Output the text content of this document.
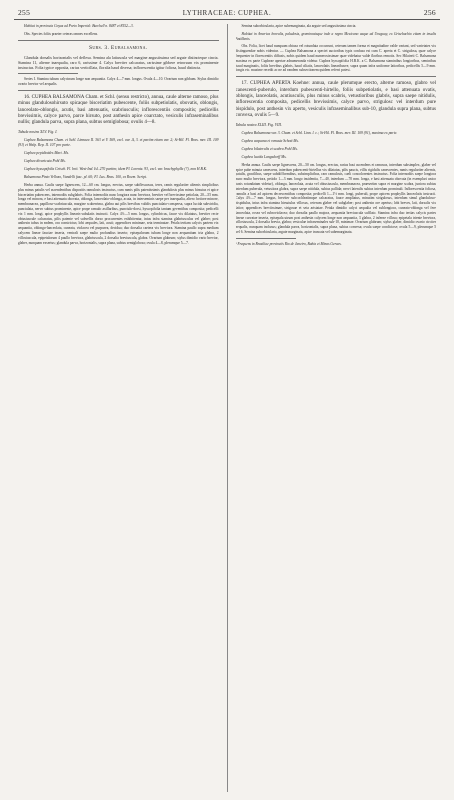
255	LYTHRACEAE: CUPHEA.	256

Habitat in provincia Goyaz ad Porto Imperial: Burchell n. 8487 et 8552—3.

Obs. Species foliis praeter ceteras omnes excellens.

Subs. 3. Eubalsamona.

Glandula dorsalis horizontalis vel deflexa. Semina ala latiuscula vel margine angustissima sed argute distincteque cincta. Stamina 11, alterne inaequalia, raro 6, rarissime 4. Calyx breviter calcaratus, rarissime gibbere retrorsum vix prominente instructus. Folia typice opposita, rarius verticillata, floralia haud diversa; inflorescentia igitur foliosa, haud distincta.

Series I. Stamina tubum calycinum longe non aequantia. Calyx 4—7 mm. longus. Ovula 4—10. Ovarium non gibbum. Stylus dimidio ovario brevior vel aequalis.

16. CUPHEA BALSAMONA Cham. et Schl. (sensu restricto), annua, caule alterne ramoso, plus minus glandulosohirsuto spicaque bisceriatim pubescente, foliis subpetiolatis, obovatis, oblongis, lanceolato-oblongis, acutis, basi attenuatis, scabriusculis; inflorescentiis compositis; pedicellis brevissimis, calyce parvo, parce hirsuto, post anthesin apice coarctato, vesiculis infraseminalibus nullis; glandula parva, supra plana, subtus semiglobosa; ovulis 4—8.

Tabula nostra XLV. Fig. I.

Cuphea Balsamona Cham. et Schl. Linnaea II. 363 et V. 569, excl. var. Δ, 3. et partim etiam var. 2; St-Hil. Fl. Bras. mer. III. 109 (91) et Walp. Rep. II. 107 pro parte.

Cuphea pepidioides Mart. Ms.

Cuphea divaricata Pohl Ms.

Cuphea hyssopifolia Griseb. Fl. brit. West-Ind. Isl. 270 partim; idem Pl. Lorentz. 93, excl. var. brachyphylla (?), non H.B.K.

Balsamona Pinto Vellozo, Vandelli fasc. pl. 60; Fl. Lus. Bras. 100, ex Roem. Script.

Herba annua. Caulis saepe lignescens, 12—60 cm. longus, erectus, saepe subflexuosus, teres, ramis regulariter alternis simplicibus plus minus patulis vel ascendentibus dispositis ramulosis instructus, cum ramis pilis patentissimis glandulosis plus minus hirsutus et apice bisceriatim pubescens, internodiis subglabris. Folia internodiis nunc longiora nunc breviora, breviter vel brevissime petiolata, 20—55 mm. longa vel minora, e basi attenuata obovata, oblonga, lanceolato-oblonga, acuta, in interseminis saepe per inaequalia, altero fortiore minore, membranacea, papilloso-scabriuscula, margine scaberrima, glabra aut pilis brevibus validis punctulato-conspersa, supra lucida subviridia, punctulata, nervo subtus prominente, apice prope ramulo axillaribus, punctulo-dorsi, hyssopifolia tantum geventibus composita; pedicelli vix 1 mm. longi, apice prophyllis linearis-subulatis instructi. Calyx 4½—5 mm. longus, cylindricus, fauce vix dilatatus, breviter recte obtusiuscule calcaratus, pilis patente vel subvellis dorso procurrentes exhibitentur, intus infra stamina glabriusculus vel glaber; post anthesin tubus in eadem, ora constrictus; lobi aequales, lati, acuti; appendices minimae, seta terminatae. Petala tertiam calycis partem vix aequantia, oblongo-lanceolata, cuneata, violacea vel purpurea, decidua; duo dorsalia caetera vix breviora. Stamina paullo supra medium calycem lineae fauciae inserta, ventrali saepe multo profundius inserto; episepalorum tubum longe non aequantium tria glabra, 2 villosiuscula, epipetalorum 4 paullo breviora, glabriuscula, 2 dorsalia breviuscula, glabra. Ovarium glabrum; stylus dimidio vario brevior, glaber, nunquam exsertus; glandula parva, horizontalis, supra plana, subtus semiglobosa; ovula 4—8, plerumque 5—7.

Semina suborbicularia, apice subemarginata, ala argute sed angustissima cincta.

Habitat in America borealis, paludosis, graminosisque inde a regno Mexicano usque ad Uruguay, ex Grisebachio etiam in insulis Antillanis.

Obs. Folia, licet haud nunquam obtusa vel rotundata occurrunt, ceterum tamen forma et magnitudine valde variant, sed varietates vix distinguendae nobis videntur. — Cuphea Balsamona a speciei auctoribus typis confusa est cum C. aperta et C. strigulosa, quae calyce frequenter in florescentiis diffusis, nobis quidem haud numerosissimae quae videbatur valde floribus remotis. Sec Hilaireii C. Balsamona maxima ex parte Cupheae apertae adnumeranda videtur. Cuphea hyssopifolia H.B.K. a C. Balsamona staminibus longioribus, seminibus haud marginatis, foliis brevibus glabris, haud ciliatis, lanceolatis linearibusve, supra quam infra uniforme latioribus, pedicellis 5—9 mm. longis etc. maxime recedit ac ne ad eandem subsectionem quidem referri potest.

17. CUPHEA APERTA Koehne: annua, caule plerumque erecto, alterne ramoso, glabro vel canescenti-puberulo, interdum pubescenti-hirtello, foliis subpetiolatis, e basi attenuata ovatis, oblongis, lanceolatis, acutiusculis, plus minus scabris, vetustioribus glabris, supra saepe nitidulis, inflorescentia composita, pedicellis brevissimis, calyce parvo, strigulosc vel interdum pure bispidulo, post anthesin vix aperto, vesiculis infraseminalibus sub-10, glandula supra plana, subtus convexa, ovulis 5—9.

Tabula nostra XLIII. Fig. VIII.

Cuphea Balsamona var. 3. Cham. et Schl. Linn. l. c.; St-Hil. Fl. Bras. mer. III. 109 (91), maxima ex parte.

Cuphea aequana et venusta Schott Ms.

Cuphea bilateralis et scabra Pohl Ms.

Cuphea lucida Langsdorff Ms.

Herba annua. Caulis saepe lignescens, 20—50 cm. longus, erectus, rarius basi ascendens et ramosus, interdum subsimplex, glaber vel apice pube minuta canescens, interdum pubescenti-hirtellus vix dilatatus, pilis paucis, villis rigidulis canescentes, ramis regulariter alternis, patulis, gracilibus, saepe subdiffformibus, subsimplicibus, raro ramulosis, caeli concolorentes instructus. Folia internodiis saepe longiora nunc multo breviora, petiolo 1—3 mm. longo insidentia, 7—40, interdum —70 mm. longa, e basi attenuata obovata (in exemplari unico basis rotundatam videtur), oblonga, lanceolata, acuta vel obtusiuscula, membranacea, praesertim supra et margine scabra, juniora subtus interdum puberula, vetustiora glabra, supra saepe nitidula, subtus pallida; nervi lateralis subtus interdum prominuli. Inflorescentia foliosa, ramulis a basi ad apicem decrescentibus composita; pedicelli 1—1½ mm. longi, puberuli, prope apicem prophyllis lanceolatis instructi. Calyx 4½—7 mm. longus, breviter subcochleatimque calcaratus, fauce ampliatus, minutim strigulosus, interdum simul glanduloso-hispidulus, intus infra stamina hirsutulus villosus, ceterum glaber vel subglaber; post anthesin ore apertus; lobi breves, lati, dorsalis vix latior; appendices breviissimae, strigosae et seta aristatae. Petala dimidio calyci aequalia vel sublongiora, cuneato-oblonga vel fere lanceolata, rosea vel rubroviolacea; duo dorsalia paullo majora, aequantia breviuscula sufflato. Stamina infra duo tertias calycis partes lineae curvatae inserta, episepala utrum post anthesin calycem longe non aequantia, 3 glabra, 2 inferne villosa; epipetala triente breviora, villosiuscula, 2 dorsalia brevia, glabra; vesiculae infraseminales sub-10, minimae. Ovarium glabrum; stylus glaber, dimidio ovario circiter aequalis, nunquam inclusus; glandula parva, horizontalis, supra plana, subtus convexa; ovula saepe condiciose; ovula 5—9, plerumque 5 vel 6. Semina suborbicularia, argute marginata, apice truncata vel subemarginata.

¹ Frequens in Brasiliae provinciis Rio de Janeiro, Bahia et Minas Geraes.
